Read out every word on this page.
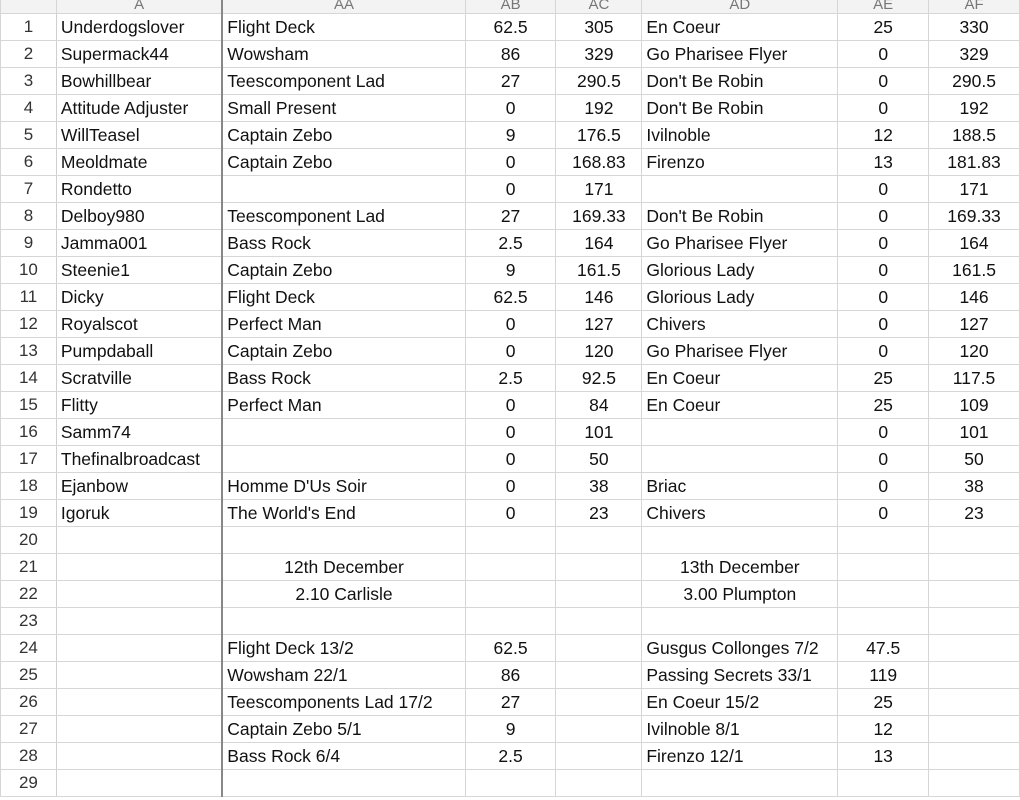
	A	AA	AB	AC	AD	AE	AF
1	Underdogslover	Flight Deck	62.5	305	En Coeur	25	330
2	Supermack44	Wowsham	86	329	Go Pharisee Flyer	0	329
3	Bowhillbear	Teescomponent Lad	27	290.5	Don't Be Robin	0	290.5
4	Attitude Adjuster	Small Present	0	192	Don't Be Robin	0	192
5	WillTeasel	Captain Zebo	9	176.5	Ivilnoble	12	188.5
6	Meoldmate	Captain Zebo	0	168.83	Firenzo	13	181.83
7	Rondetto		0	171		0	171
8	Delboy980	Teescomponent Lad	27	169.33	Don't Be Robin	0	169.33
9	Jamma001	Bass Rock	2.5	164	Go Pharisee Flyer	0	164
10	Steenie1	Captain Zebo	9	161.5	Glorious Lady	0	161.5
11	Dicky	Flight Deck	62.5	146	Glorious Lady	0	146
12	Royalscot	Perfect Man	0	127	Chivers	0	127
13	Pumpdaball	Captain Zebo	0	120	Go Pharisee Flyer	0	120
14	Scratville	Bass Rock	2.5	92.5	En Coeur	25	117.5
15	Flitty	Perfect Man	0	84	En Coeur	25	109
16	Samm74		0	101		0	101
17	Thefinalbroadcast		0	50		0	50
18	Ejanbow	Homme D'Us Soir	0	38	Briac	0	38
19	Igoruk	The World's End	0	23	Chivers	0	23
20							
21		12th December			13th December		
22		2.10 Carlisle			3.00 Plumpton		
23							
24		Flight Deck 13/2	62.5		Gusgus Collonges 7/2	47.5	
25		Wowsham 22/1	86		Passing Secrets 33/1	119	
26		Teescomponents Lad 17/2	27		En Coeur 15/2	25	
27		Captain Zebo 5/1	9		Ivilnoble 8/1	12	
28		Bass Rock 6/4	2.5		Firenzo 12/1	13	
29							
